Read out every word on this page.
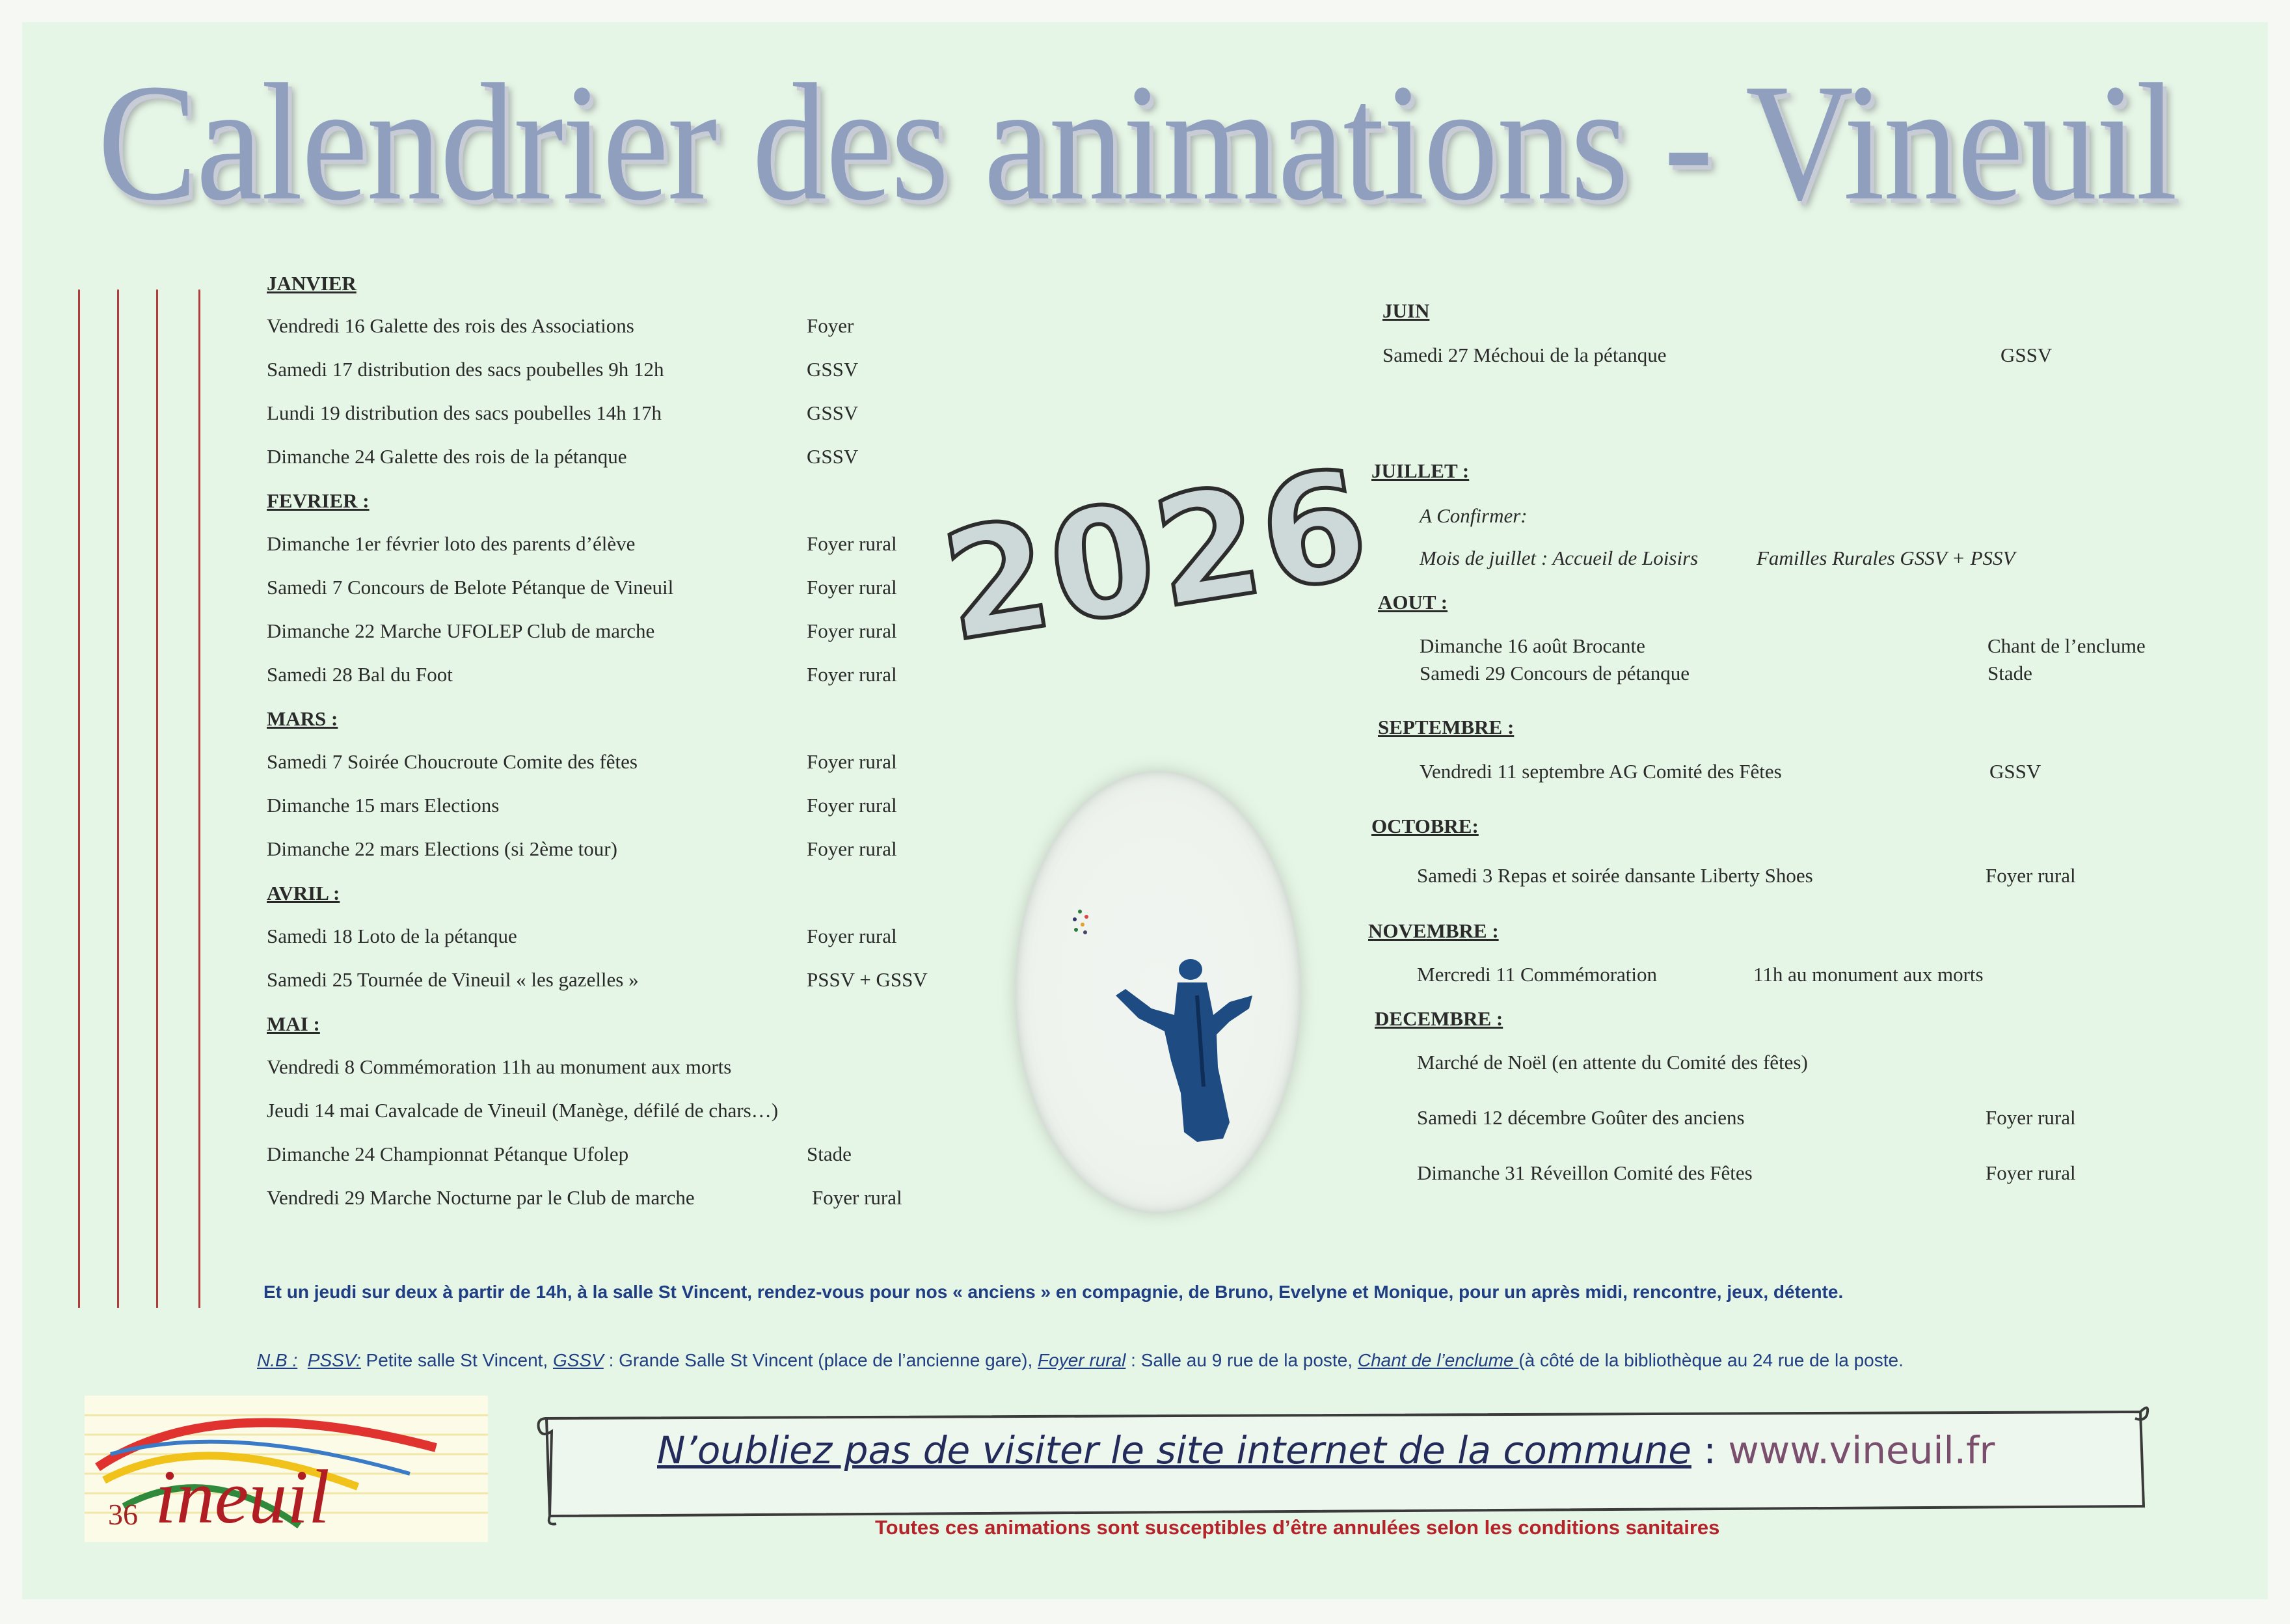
Calendrier des animations - Vineuil
JANVIER
Vendredi 16 Galette des rois des Associations	Foyer
Samedi 17 distribution des sacs poubelles 9h 12h	GSSV
Lundi 19 distribution des sacs poubelles 14h 17h	GSSV
Dimanche 24 Galette des rois de la pétanque	GSSV
FEVRIER :
Dimanche 1er février loto des parents d’élève	Foyer rural
Samedi 7 Concours de Belote Pétanque de Vineuil	Foyer rural
Dimanche 22 Marche UFOLEP Club de marche	Foyer rural
Samedi 28 Bal du Foot	Foyer rural
MARS :
Samedi 7 Soirée Choucroute Comite des fêtes	Foyer rural
Dimanche 15 mars Elections	Foyer rural
Dimanche 22 mars Elections (si 2ème tour)	Foyer rural
AVRIL :
Samedi 18 Loto de la pétanque	Foyer rural
Samedi 25 Tournée de Vineuil « les gazelles »	PSSV + GSSV
MAI :
Vendredi 8 Commémoration 11h au monument aux morts
Jeudi 14 mai Cavalcade de Vineuil (Manège, défilé de chars…)
Dimanche 24 Championnat Pétanque Ufolep	Stade
Vendredi 29 Marche Nocturne par le Club de marche	Foyer rural
2026
JUIN
Samedi 27 Méchoui de la pétanque	GSSV
JUILLET :
A Confirmer:
Mois de juillet : Accueil de Loisirs	Familles Rurales GSSV + PSSV
AOUT :
Dimanche 16 août Brocante	Chant de l’enclume
Samedi 29 Concours de pétanque	Stade
SEPTEMBRE :
Vendredi 11 septembre AG Comité des Fêtes	GSSV
OCTOBRE:
Samedi 3 Repas et soirée dansante Liberty Shoes	Foyer rural
NOVEMBRE :
Mercredi 11 Commémoration	11h au monument aux morts
DECEMBRE :
Marché de Noël (en attente du Comité des fêtes)
Samedi 12 décembre Goûter des anciens	Foyer rural
Dimanche 31 Réveillon Comité des Fêtes	Foyer rural
Et un jeudi sur deux à partir de 14h, à la salle St Vincent, rendez-vous pour nos « anciens » en compagnie, de Bruno, Evelyne et Monique, pour un après midi, rencontre, jeux, détente.
N.B : PSSV: Petite salle St Vincent, GSSV : Grande Salle St Vincent (place de l’ancienne gare), Foyer rural : Salle au 9 rue de la poste, Chant de l’enclume (à côté de la bibliothèque au 24 rue de la poste.
36 ineuil
N’oubliez pas de visiter le site internet de la commune : www.vineuil.fr
Toutes ces animations sont susceptibles d’être annulées selon les conditions sanitaires
